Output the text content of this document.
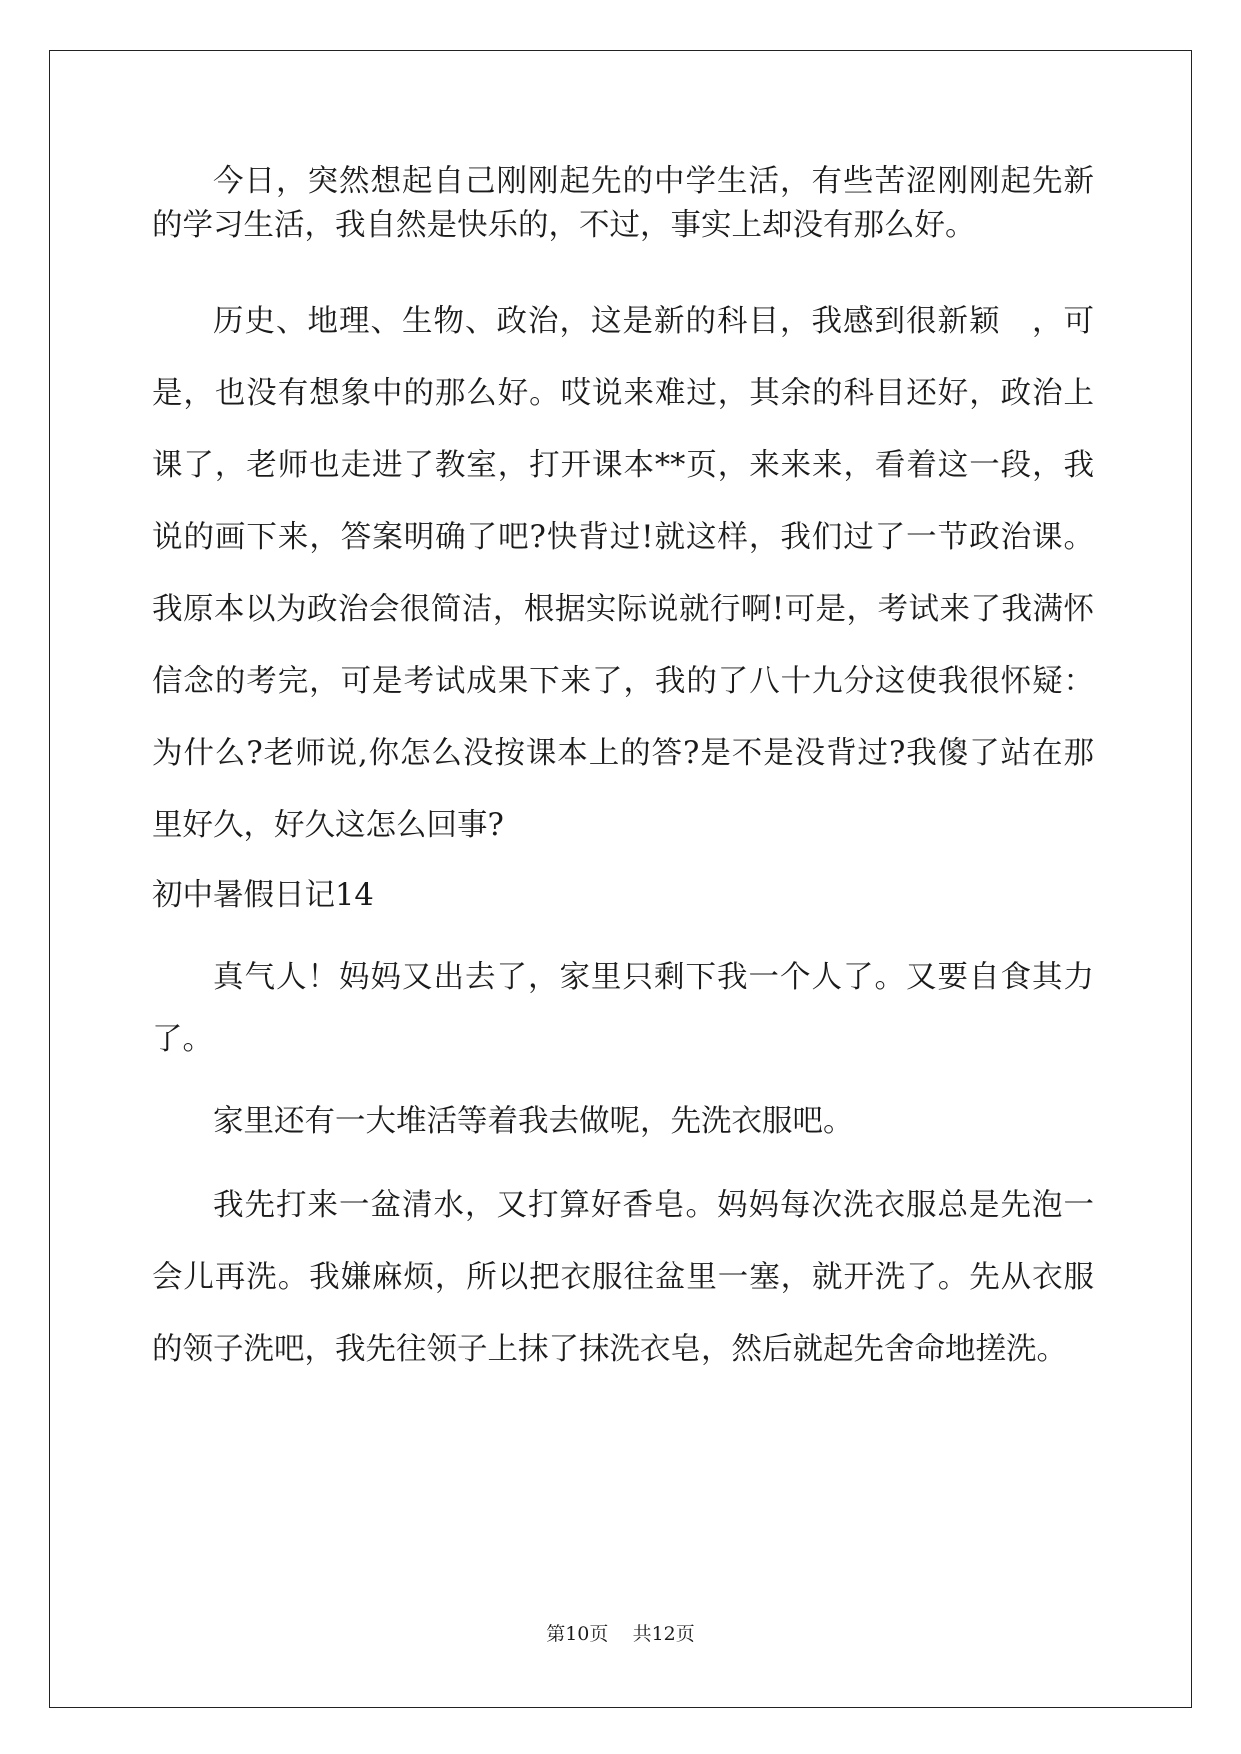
今日，突然想起自己刚刚起先的中学生活，有些苦涩刚刚起先新
的学习生活，我自然是快乐的，不过，事实上却没有那么好。
历史、地理、生物、政治，这是新的科目，我感到很新颖　，可
是，也没有想象中的那么好。哎说来难过，其余的科目还好，政治上
课了，老师也走进了教室，打开课本**页，来来来，看着这一段，我
说的画下来，答案明确了吧?快背过!就这样，我们过了一节政治课。
我原本以为政治会很简洁，根据实际说就行啊!可是，考试来了我满怀
信念的考完，可是考试成果下来了，我的了八十九分这使我很怀疑：
为什么?老师说,你怎么没按课本上的答?是不是没背过?我傻了站在那
里好久，好久这怎么回事?
初中暑假日记14
真气人！妈妈又出去了，家里只剩下我一个人了。又要自食其力
了。
家里还有一大堆活等着我去做呢，先洗衣服吧。
我先打来一盆清水，又打算好香皂。妈妈每次洗衣服总是先泡一
会儿再洗。我嫌麻烦，所以把衣服往盆里一塞，就开洗了。先从衣服
的领子洗吧，我先往领子上抹了抹洗衣皂，然后就起先舍命地搓洗。
第10页 共12页
